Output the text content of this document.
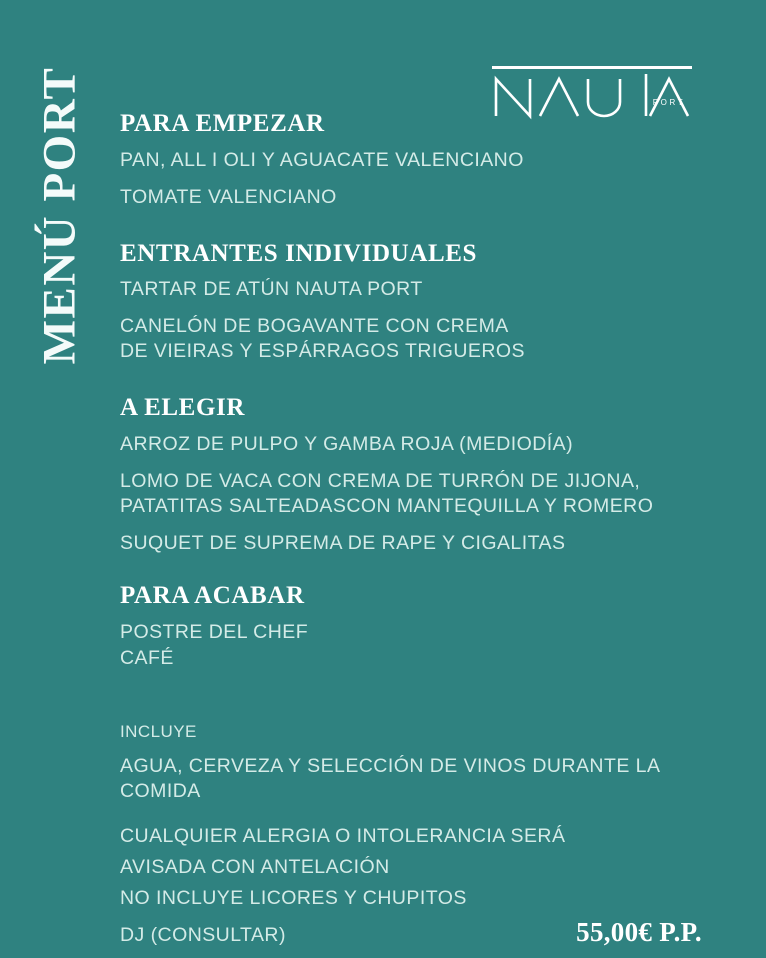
MENÚ PORT	PORT
PARA EMPEZAR

PAN, ALL I OLI Y AGUACATE VALENCIANO

TOMATE VALENCIANO

ENTRANTES INDIVIDUALES

TARTAR DE ATÚN NAUTA PORT

CANELÓN DE BOGAVANTE CON CREMA
DE VIEIRAS Y ESPÁRRAGOS TRIGUEROS

A ELEGIR

ARROZ DE PULPO Y GAMBA ROJA (MEDIODÍA)

LOMO DE VACA CON CREMA DE TURRÓN DE JIJONA,
PATATITAS SALTEADASCON MANTEQUILLA Y ROMERO

SUQUET DE SUPREMA DE RAPE Y CIGALITAS

PARA ACABAR

POSTRE DEL CHEF

CAFÉ

INCLUYE

AGUA, CERVEZA Y SELECCIÓN DE VINOS DURANTE LA COMIDA

CUALQUIER ALERGIA O INTOLERANCIA SERÁ

AVISADA CON ANTELACIÓN

NO INCLUYE LICORES Y CHUPITOS

DJ (CONSULTAR)	55,00€ P.P.
